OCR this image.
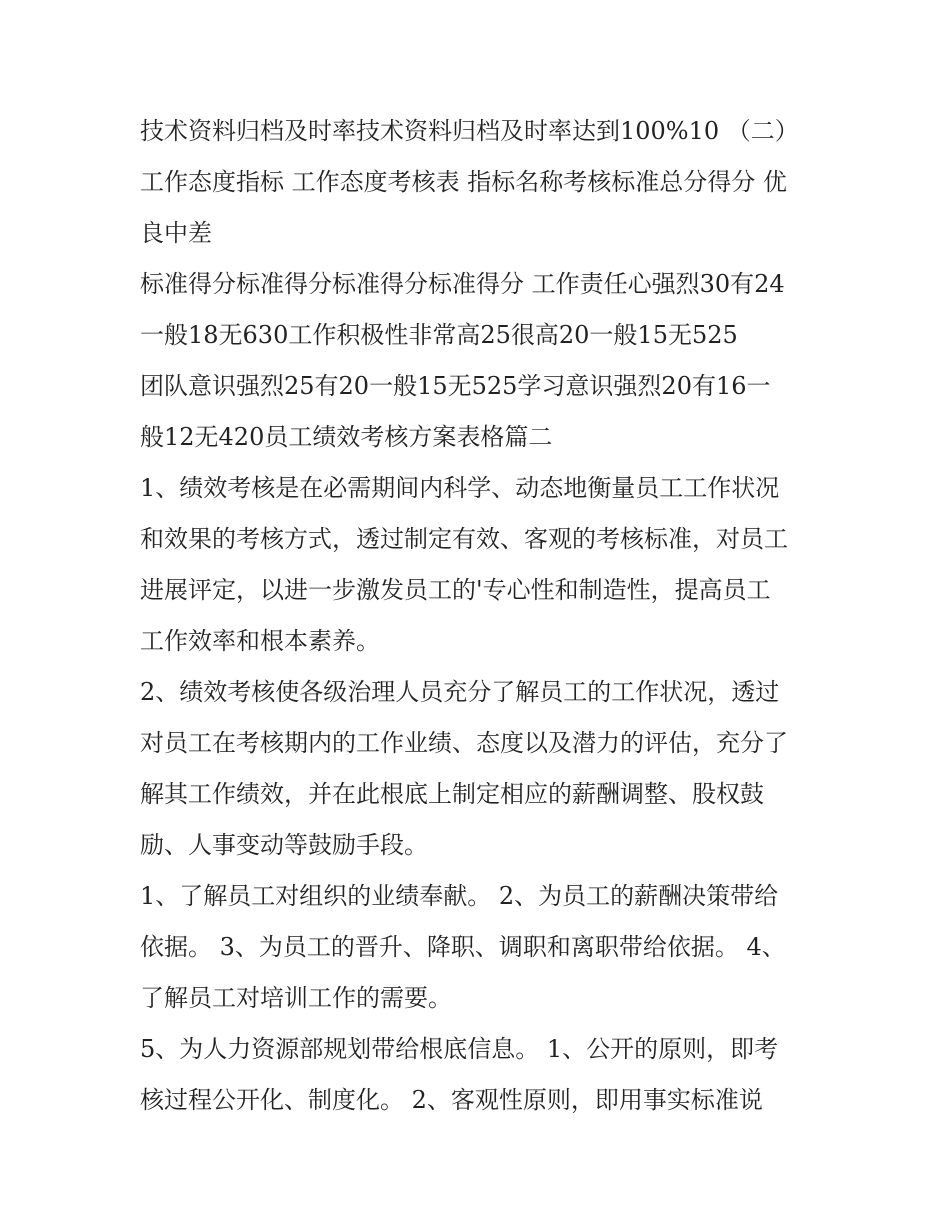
技术资料归档及时率技术资料归档及时率达到100%10 （二）
工作态度指标 工作态度考核表 指标名称考核标准总分得分 优
良中差
标准得分标准得分标准得分标准得分 工作责任心强烈30有24
一般18无630工作积极性非常高25很高20一般15无525
团队意识强烈25有20一般15无525学习意识强烈20有16一
般12无420员工绩效考核方案表格篇二
1、绩效考核是在必需期间内科学、动态地衡量员工工作状况
和效果的考核方式，透过制定有效、客观的考核标准，对员工
进展评定，以进一步激发员工的'专心性和制造性，提高员工
工作效率和根本素养。
2、绩效考核使各级治理人员充分了解员工的工作状况，透过
对员工在考核期内的工作业绩、态度以及潜力的评估，充分了
解其工作绩效，并在此根底上制定相应的薪酬调整、股权鼓
励、人事变动等鼓励手段。
1、了解员工对组织的业绩奉献。 2、为员工的薪酬决策带给
依据。 3、为员工的晋升、降职、调职和离职带给依据。 4、
了解员工对培训工作的需要。
5、为人力资源部规划带给根底信息。 1、公开的原则，即考
核过程公开化、制度化。 2、客观性原则，即用事实标准说
